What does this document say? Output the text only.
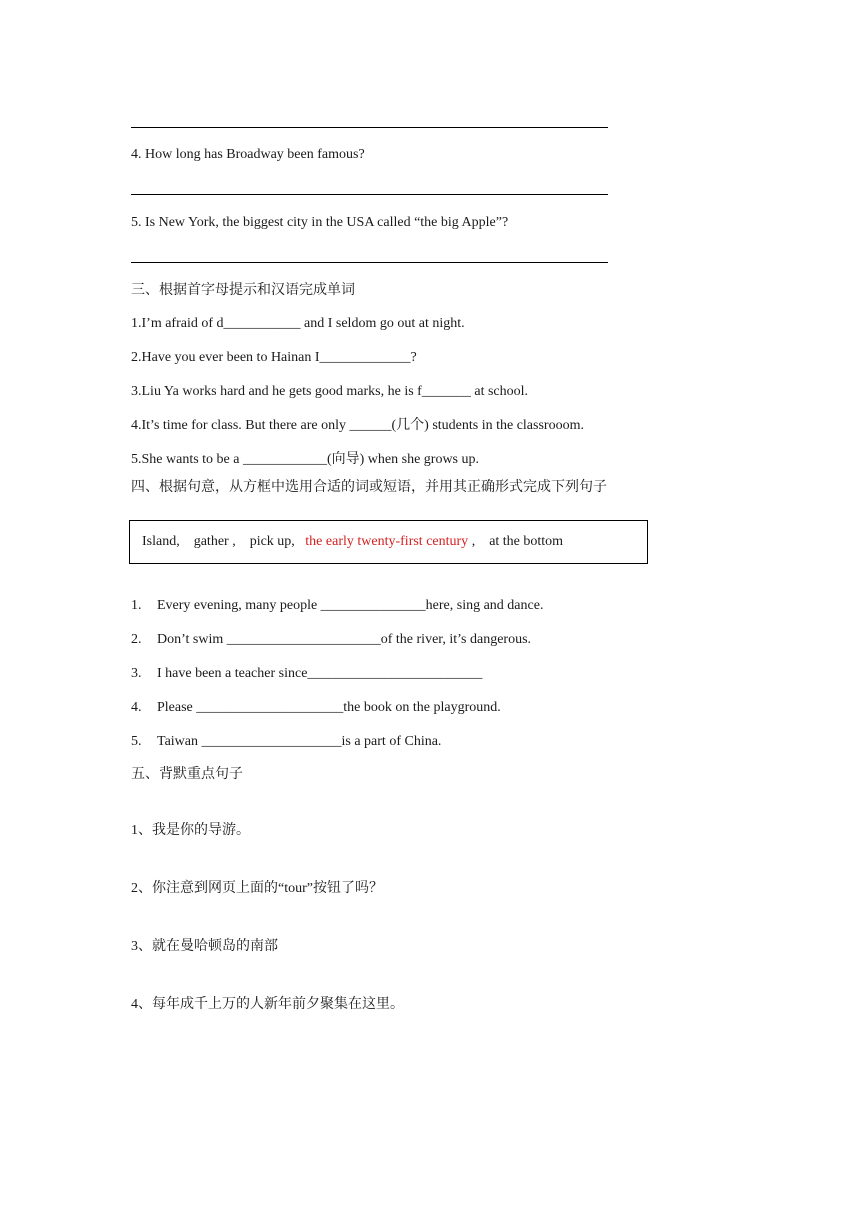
4. How long has Broadway been famous?
5. Is New York, the biggest city in the USA called “the big Apple”?
三、根据首字母提示和汉语完成单词
1.I’m afraid of d___________ and I seldom go out at night.
2.Have you ever been to Hainan I_____________?
3.Liu Ya works hard and he gets good marks, he is f_______ at school.
4.It’s time for class. But there are only ______(几个) students in the classrooom.
5.She wants to be a ____________(向导) when she grows up.
四、根据句意，从方框中选用合适的词或短语，并用其正确形式完成下列句子
Island,    gather ,    pick up,   the early twenty-first century ,    at the bottom
1. Every evening, many people _______________here, sing and dance.
2. Don’t swim ______________________of the river, it’s dangerous.
3. I have been a teacher since_________________________
4. Please _____________________the book on the playground.
5. Taiwan ____________________is a part of China.
五、背默重点句子
1、我是你的导游。
2、你注意到网页上面的“tour”按钮了吗？
3、就在曼哈顿岛的南部
4、每年成千上万的人新年前夕聚集在这里。
